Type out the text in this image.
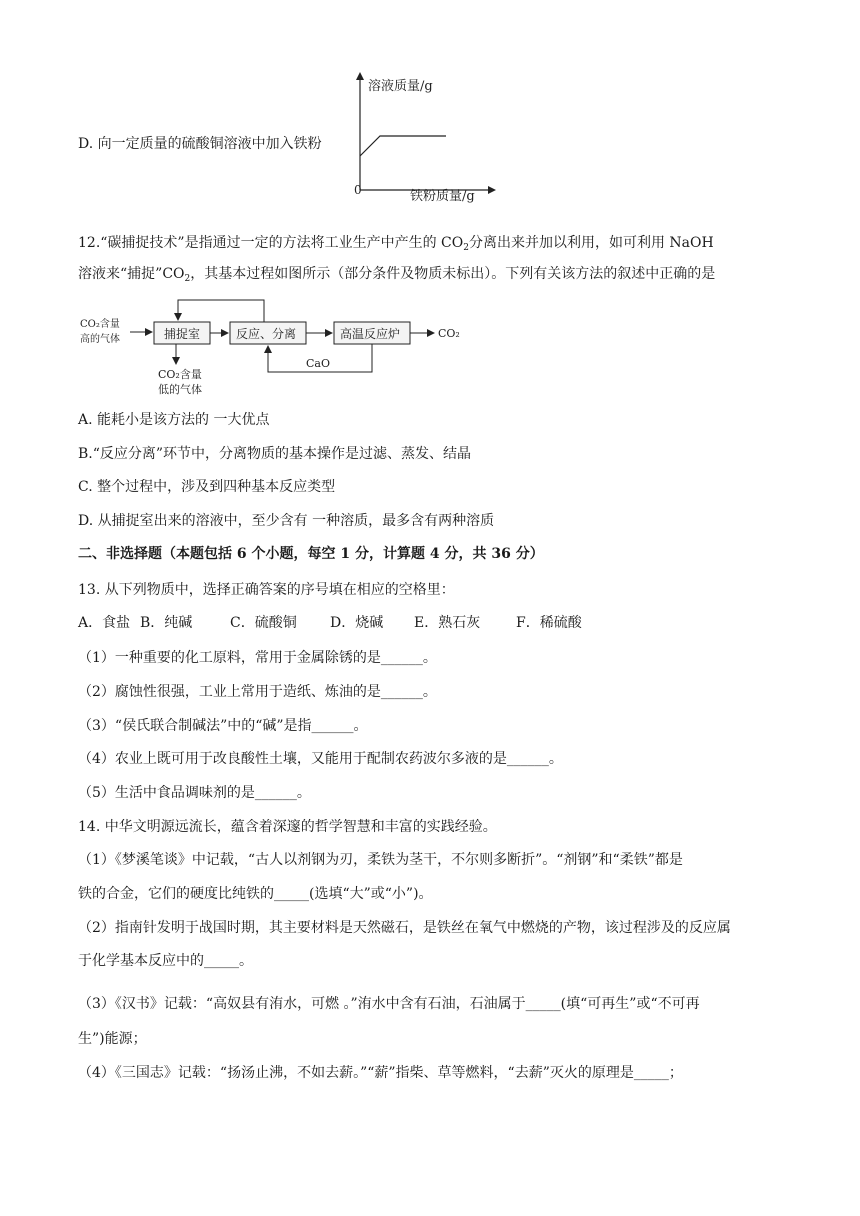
D. 向一定质量的硫酸铜溶液中加入铁粉
溶液质量/g
0	铁粉质量/g
12.“碳捕捉技术”是指通过一定的方法将工业生产中产生的 $CO_2$分离出来并加以利用，如可利用 NaOH
溶液来“捕捉$”CO_2$，其基本过程如图所示（部分条件及物质未标出）。下列有关该方法的叙述中正确的是
CO₂含量
高的气体	捕捉室	反应、分离	高温反应炉	CO₂
CaO
CO₂含量
低的气体
A. 能耗小是该方法的 一大优点
B.“反应分离”环节中，分离物质的基本操作是过滤、蒸发、结晶
C. 整个过程中，涉及到四种基本反应类型
D. 从捕捉室出来的溶液中，至少含有 一种溶质，最多含有两种溶质
二、非选择题（本题包括 6 个小题，每空 1 分，计算题 4 分，共 36 分）
13. 从下列物质中，选择正确答案的序号填在相应的空格里：
A．食盐 B．纯碱	C．硫酸铜 D．烧碱 E．熟石灰	F．稀硫酸
（1）一种重要的化工原料，常用于金属除锈的是______。
（2）腐蚀性很强，工业上常用于造纸、炼油的是______。
（3）“侯氏联合制碱法”中的“碱”是指______。
（4）农业上既可用于改良酸性土壤，又能用于配制农药波尔多液的是______。
（5）生活中食品调味剂的是______。
14. 中华文明源远流长，蕴含着深邃的哲学智慧和丰富的实践经验。
（1）《梦溪笔谈》中记载，“古人以剂钢为刃，柔铁为茎干，不尔则多断折”。“剂钢”和“柔铁”都是
铁的合金，它们的硬度比纯铁的_____(选填“大”或“小”)。
（2）指南针发明于战国时期，其主要材料是天然磁石，是铁丝在氧气中燃烧的产物，该过程涉及的反应属
于化学基本反应中的_____。
（3）《汉书》记载：“高奴县有洧水，可燃 。”洧水中含有石油，石油属于_____(填“可再生”或“不可再
生”)能源；
（4）《三国志》记载：“扬汤止沸，不如去薪。”“薪”指柴、草等燃料，“去薪”灭火的原理是_____；
